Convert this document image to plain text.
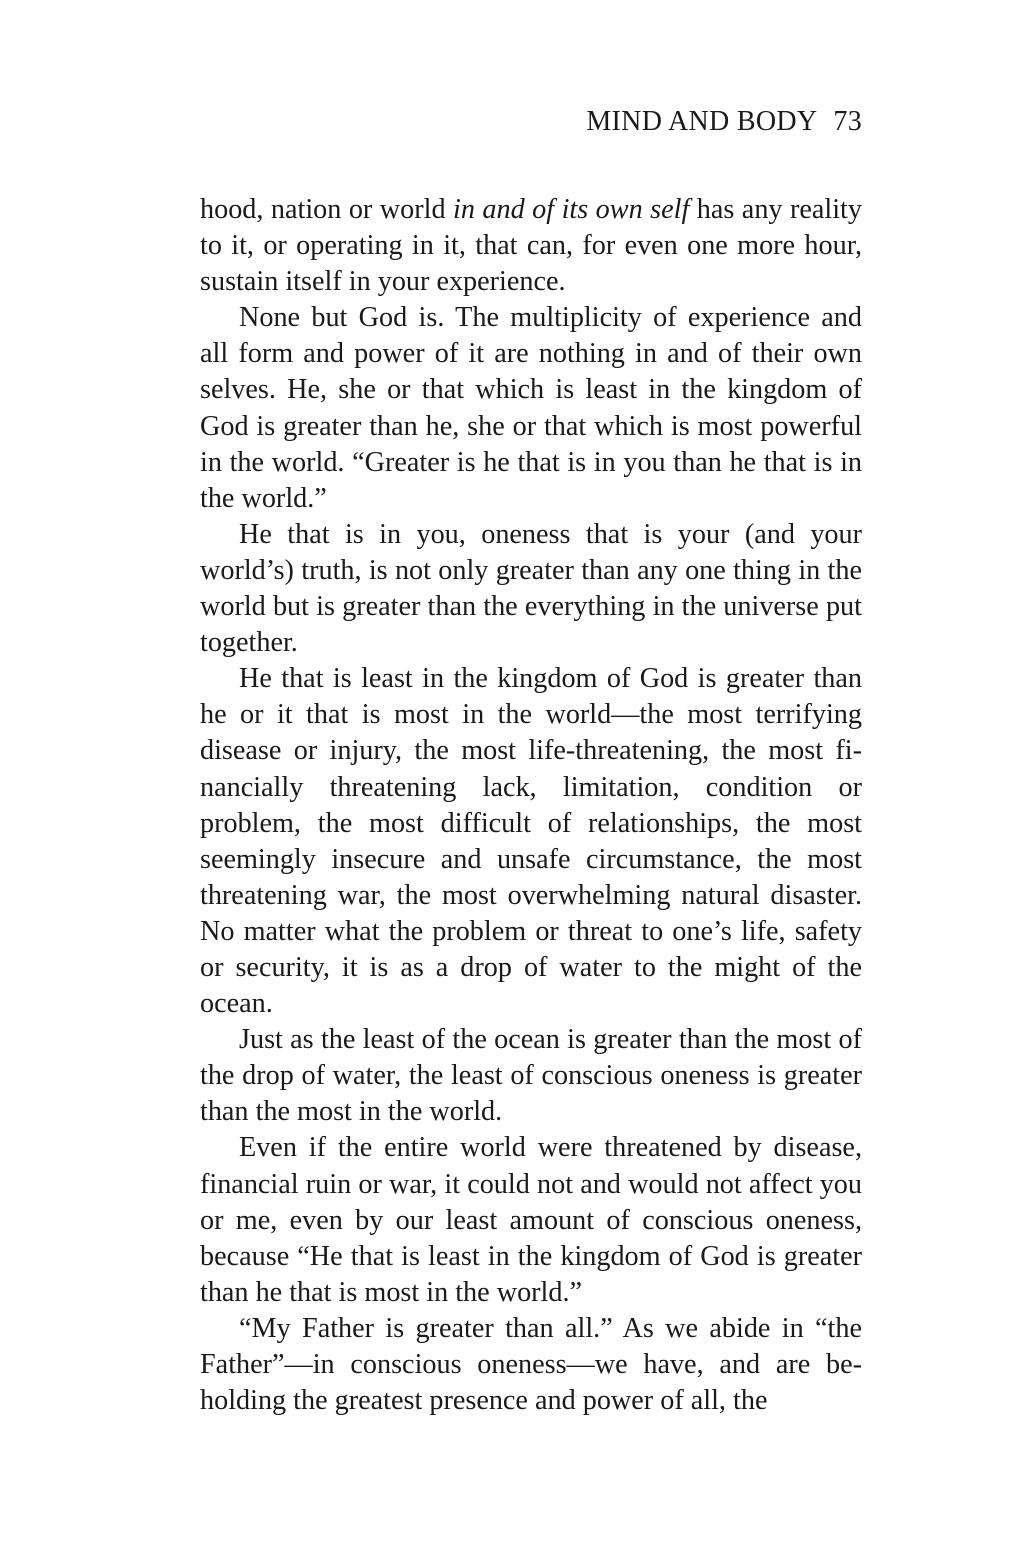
MIND AND BODY 73

hood, nation or world in and of its own self has any reality to it, or operating in it, that can, for even one more hour, sustain itself in your experience.

None but God is. The multiplicity of experience and all form and power of it are nothing in and of their own selves. He, she or that which is least in the kingdom of God is greater than he, she or that which is most powerful in the world. “Greater is he that is in you than he that is in the world.”

He that is in you, oneness that is your (and your world’s) truth, is not only greater than any one thing in the world but is greater than the everything in the universe put together.

He that is least in the kingdom of God is greater than he or it that is most in the world—the most terrifying disease or injury, the most life-threatening, the most financially threatening lack, limitation, condition or problem, the most difficult of relationships, the most seemingly insecure and unsafe circumstance, the most threatening war, the most overwhelming natural disaster. No matter what the problem or threat to one’s life, safety or security, it is as a drop of water to the might of the ocean.

Just as the least of the ocean is greater than the most of the drop of water, the least of conscious oneness is greater than the most in the world.

Even if the entire world were threatened by disease, financial ruin or war, it could not and would not affect you or me, even by our least amount of conscious oneness, because “He that is least in the kingdom of God is greater than he that is most in the world.”

“My Father is greater than all.” As we abide in “the Father”—in conscious oneness—we have, and are beholding the greatest presence and power of all, the
